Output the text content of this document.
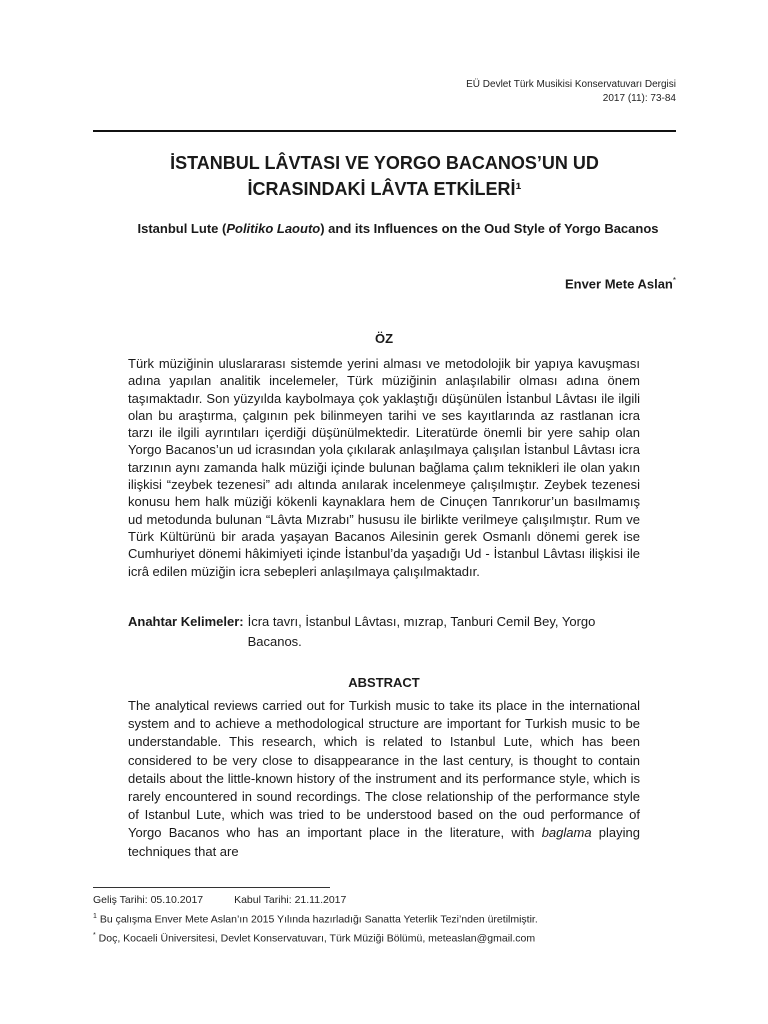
EÜ Devlet Türk Musikisi Konservatuvarı Dergisi
2017 (11): 73-84
İSTANBUL LÂVTASI VE YORGO BACANOS’UN UD
İCRASINDAKİ LÂVTA ETKİLERİ¹
Istanbul Lute (Politiko Laouto) and its Influences on the Oud Style of Yorgo Bacanos
Enver Mete Aslan*
ÖZ

Türk müziğinin uluslararası sistemde yerini alması ve metodolojik bir yapıya kavuşması adına yapılan analitik incelemeler, Türk müziğinin anlaşılabilir olması adına önem taşımaktadır. Son yüzyılda kaybolmaya çok yaklaştığı düşünülen İstanbul Lâvtası ile ilgili olan bu araştırma, çalgının pek bilinmeyen tarihi ve ses kayıtlarında az rastlanan icra tarzı ile ilgili ayrıntıları içerdiği düşünülmektedir. Literatürde önemli bir yere sahip olan Yorgo Bacanos’un ud icrasından yola çıkılarak anlaşılmaya çalışılan İstanbul Lâvtası icra tarzının aynı zamanda halk müziği içinde bulunan bağlama çalım teknikleri ile olan yakın ilişkisi “zeybek tezenesi” adı altında anılarak incelenmeye çalışılmıştır. Zeybek tezenesi konusu hem halk müziği kökenli kaynaklara hem de Cinuçen Tanrıkorur’un basılmamış ud metodunda bulunan “Lâvta Mızrabı” hususu ile birlikte verilmeye çalışılmıştır. Rum ve Türk Kültürünü bir arada yaşayan Bacanos Ailesinin gerek Osmanlı dönemi gerek ise Cumhuriyet dönemi hâkimiyeti içinde İstanbul’da yaşadığı Ud - İstanbul Lâvtası ilişkisi ile icrâ edilen müziğin icra sebepleri anlaşılmaya çalışılmaktadır.

Anahtar Kelimeler: İcra tavrı, İstanbul Lâvtası, mızrap, Tanburi Cemil Bey, Yorgo Bacanos.
ABSTRACT

The analytical reviews carried out for Turkish music to take its place in the international system and to achieve a methodological structure are important for Turkish music to be understandable. This research, which is related to Istanbul Lute, which has been considered to be very close to disappearance in the last century, is thought to contain details about the little-known history of the instrument and its performance style, which is rarely encountered in sound recordings. The close relationship of the performance style of Istanbul Lute, which was tried to be understood based on the oud performance of Yorgo Bacanos who has an important place in the literature, with baglama playing techniques that are

Geliş Tarihi: 05.10.2017	Kabul Tarihi: 21.11.2017
$^1$ Bu çalışma Enver Mete Aslan’ın 2015 Yılında hazırladığı Sanatta Yeterlik Tezi’nden üretilmiştir.
* Doç, Kocaeli Üniversitesi, Devlet Konservatuvarı, Türk Müziği Bölümü, meteaslan@gmail.com
